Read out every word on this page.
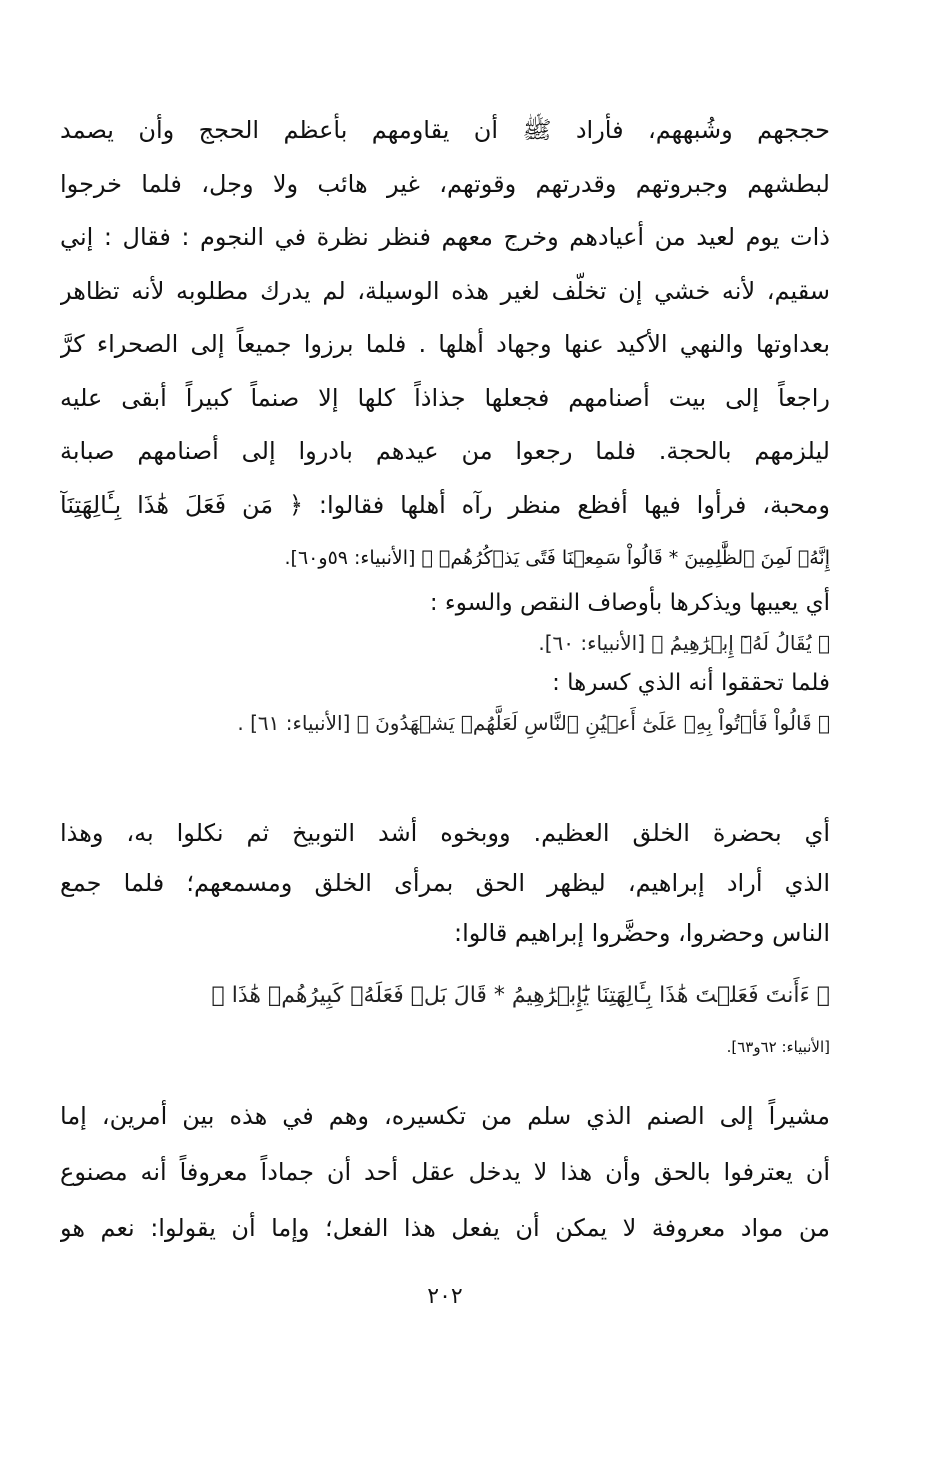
حججهم وشُبههم، فأراد ﷺ أن يقاومهم بأعظم الحجج وأن يصمد
لبطشهم وجبروتهم وقدرتهم وقوتهم، غير هائب ولا وجل، فلما خرجوا
ذات يوم لعيد من أعيادهم وخرج معهم فنظر نظرة في النجوم : فقال : إني
سقيم، لأنه خشي إن تخلّف لغير هذه الوسيلة، لم يدرك مطلوبه لأنه تظاهر
بعداوتها والنهي الأكيد عنها وجهاد أهلها . فلما برزوا جميعاً إلى الصحراء كرَّ
راجعاً إلى بيت أصنامهم فجعلها جذاذاً كلها إلا صنماً كبيراً أبقى عليه
ليلزمهم بالحجة. فلما رجعوا من عيدهم بادروا إلى أصنامهم صبابة
ومحبة، فرأوا فيها أفظع منظر رآه أهلها فقالوا: ﴿ مَن فَعَلَ هَٰذَا بِـَٔالِهَتِنَآ
إِنَّهُۥ لَمِنَ ٱلظَّٰلِمِينَ * قَالُواْ سَمِعۡنَا فَتًى يَذۡكُرُهُمۡ ﴾ [الأنبياء: ٥٩و٦٠].

أي يعيبها ويذكرها بأوصاف النقص والسوء :
﴿ يُقَالُ لَهُۥٓ إِبۡرَٰهِيمُ ﴾ [الأنبياء: ٦٠].
فلما تحققوا أنه الذي كسرها :
﴿ قَالُواْ فَأۡتُواْ بِهِۦ عَلَىٰٓ أَعۡيُنِ ٱلنَّاسِ لَعَلَّهُمۡ يَشۡهَدُونَ ﴾ [الأنبياء: ٦١] .
أي بحضرة الخلق العظيم. ووبخوه أشد التوبيخ ثم نكلوا به، وهذا
الذي أراد إبراهيم، ليظهر الحق بمرأى الخلق ومسمعهم؛ فلما جمع
الناس وحضروا، وحضَّروا إبراهيم قالوا:
﴿ ءَأَنتَ فَعَلۡتَ هَٰذَا بِـَٔالِهَتِنَا يَٰٓإِبۡرَٰهِيمُ * قَالَ بَلۡ فَعَلَهُۥ كَبِيرُهُمۡ هَٰذَا ﴾
[الأنبياء: ٦٢و٦٣].
مشيراً إلى الصنم الذي سلم من تكسيره، وهم في هذه بين أمرين، إما
أن يعترفوا بالحق وأن هذا لا يدخل عقل أحد أن جماداً معروفاً أنه مصنوع
من مواد معروفة لا يمكن أن يفعل هذا الفعل؛ وإما أن يقولوا: نعم هو
٢٠٢
